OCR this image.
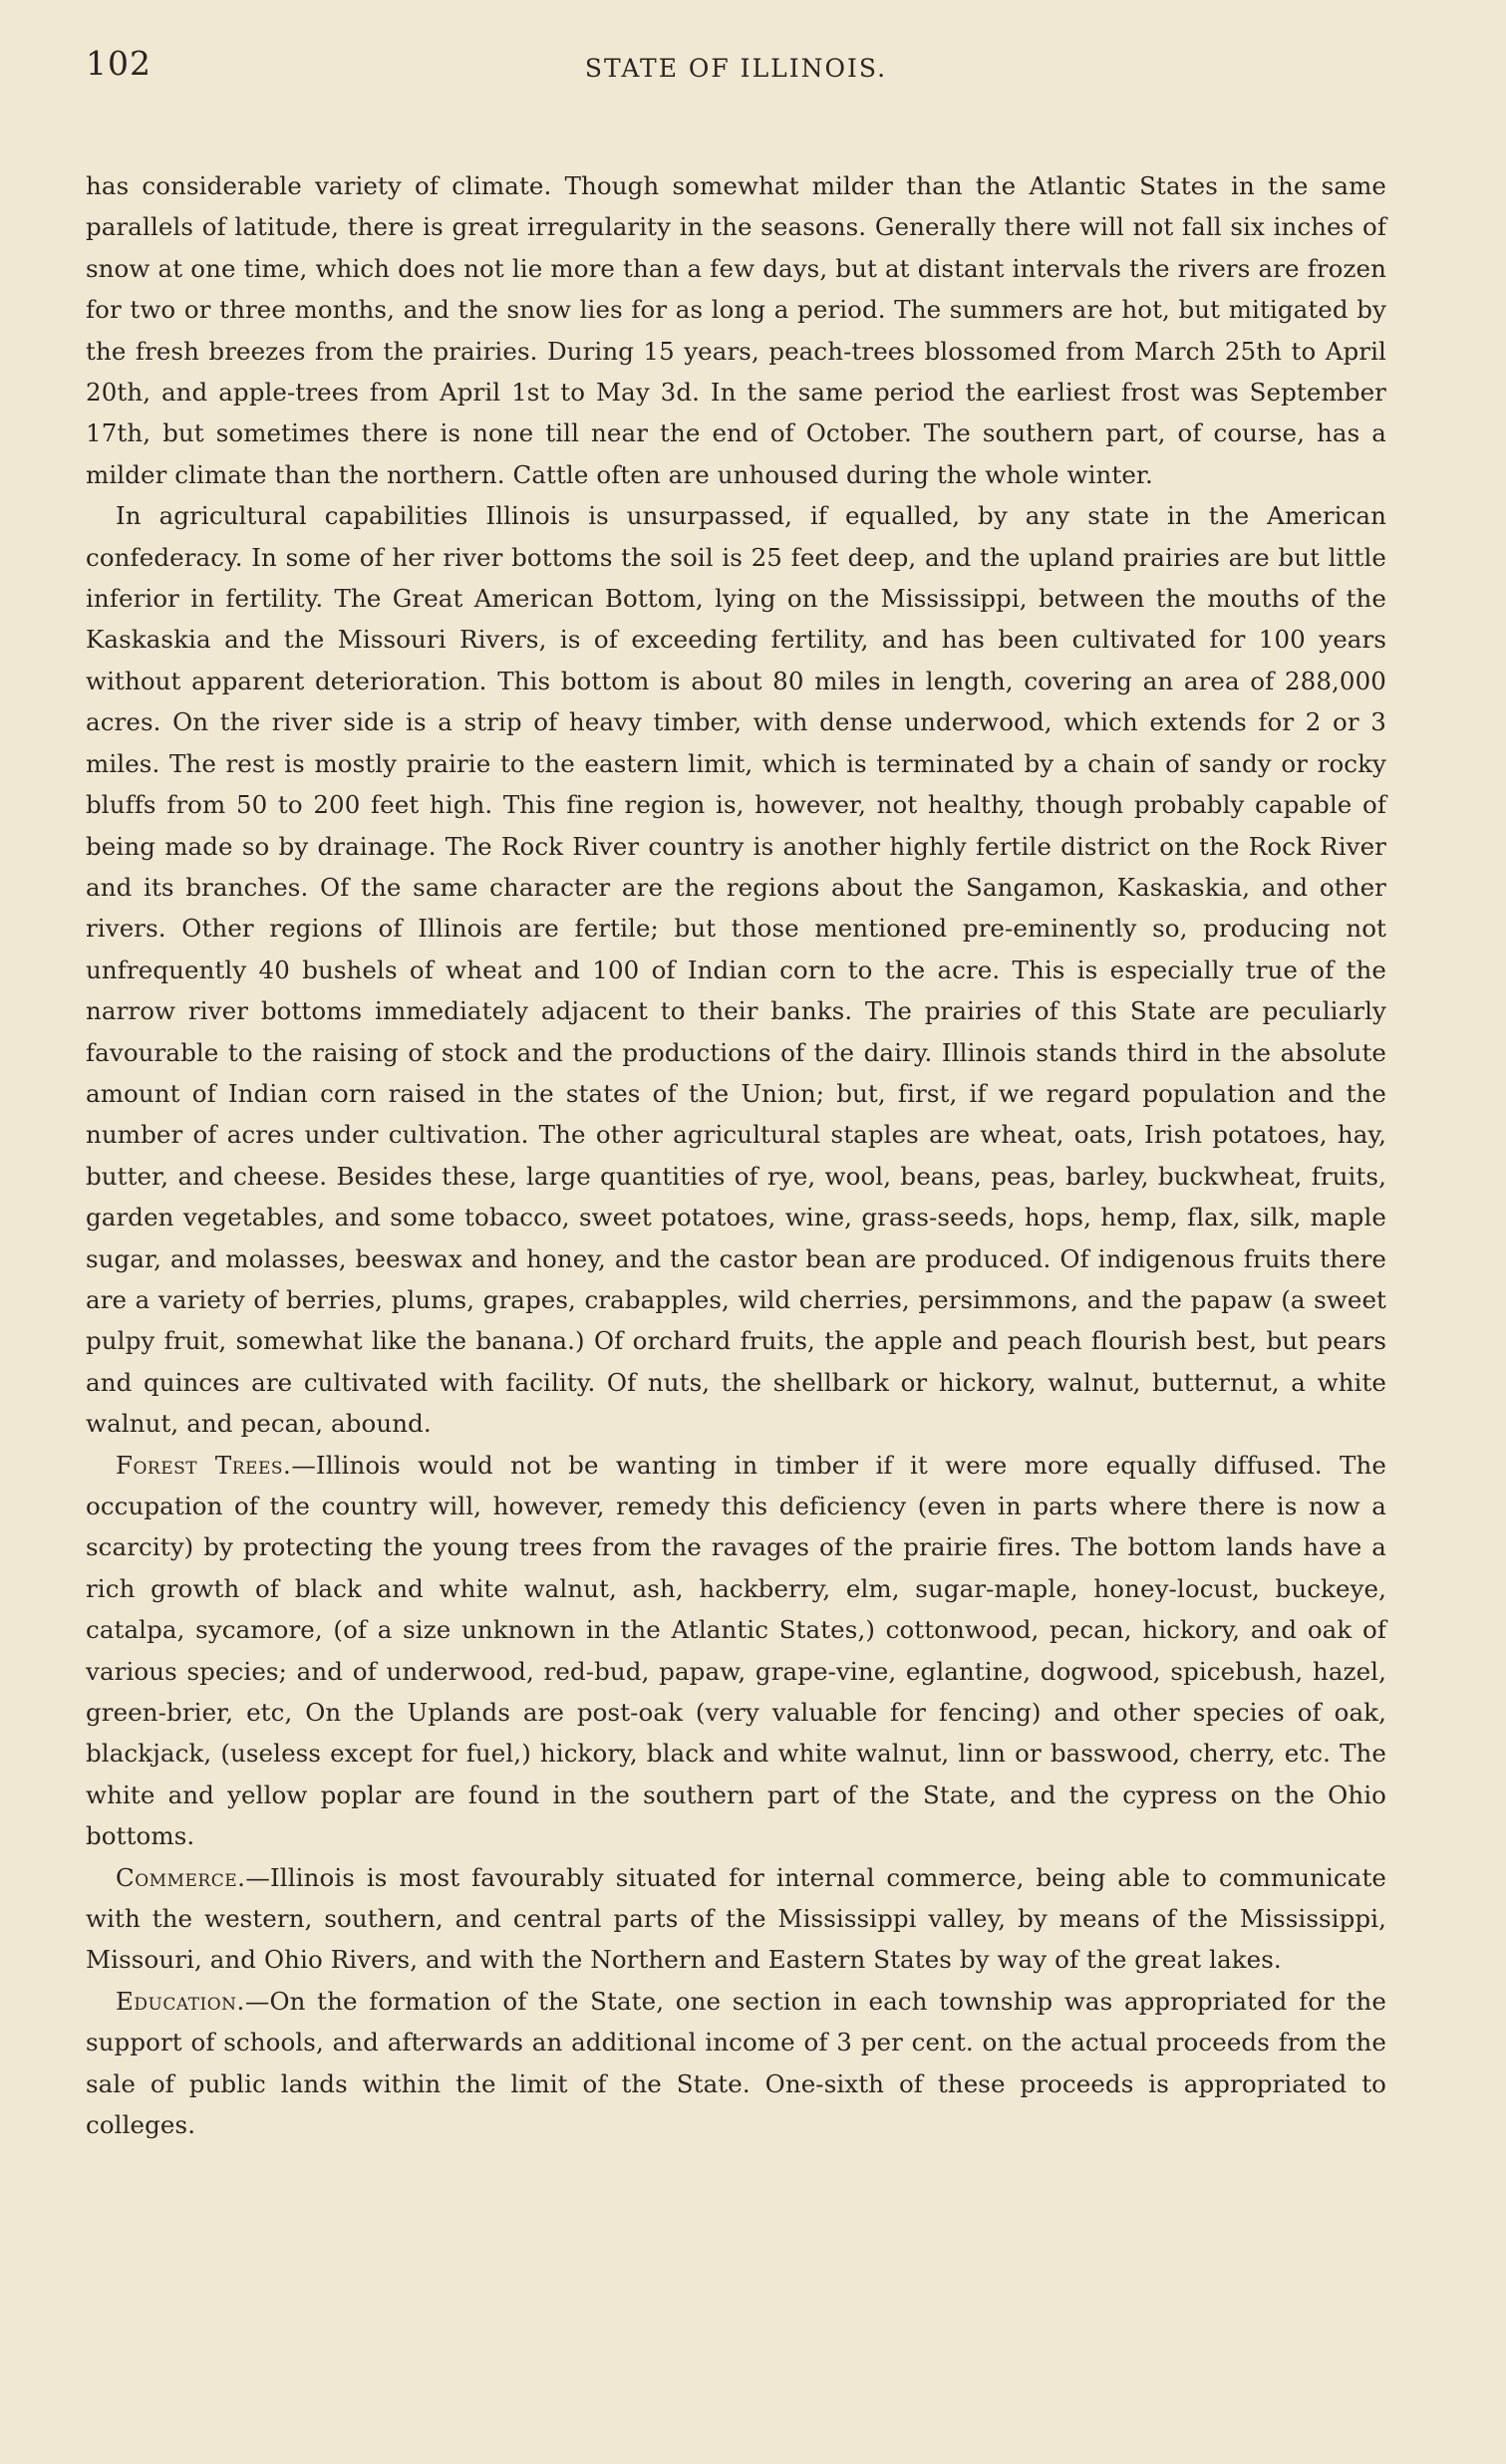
102	STATE OF ILLINOIS.

has considerable variety of climate. Though somewhat milder than the Atlantic States in the same parallels of latitude, there is great irregularity in the seasons. Generally there will not fall six inches of snow at one time, which does not lie more than a few days, but at distant intervals the rivers are frozen for two or three months, and the snow lies for as long a period. The summers are hot, but mitigated by the fresh breezes from the prairies. During 15 years, peach-trees blossomed from March 25th to April 20th, and apple-trees from April 1st to May 3d. In the same period the earliest frost was September 17th, but sometimes there is none till near the end of October. The southern part, of course, has a milder climate than the northern. Cattle often are unhoused during the whole winter.

In agricultural capabilities Illinois is unsurpassed, if equalled, by any state in the American confederacy. In some of her river bottoms the soil is 25 feet deep, and the upland prairies are but little inferior in fertility. The Great American Bottom, lying on the Mississippi, between the mouths of the Kaskaskia and the Missouri Rivers, is of exceeding fertility, and has been cultivated for 100 years without apparent deterioration. This bottom is about 80 miles in length, covering an area of 288,000 acres. On the river side is a strip of heavy timber, with dense underwood, which extends for 2 or 3 miles. The rest is mostly prairie to the eastern limit, which is terminated by a chain of sandy or rocky bluffs from 50 to 200 feet high. This fine region is, however, not healthy, though probably capable of being made so by drainage. The Rock River country is another highly fertile district on the Rock River and its branches. Of the same character are the regions about the Sangamon, Kaskaskia, and other rivers. Other regions of Illinois are fertile; but those mentioned pre-eminently so, producing not unfrequently 40 bushels of wheat and 100 of Indian corn to the acre. This is especially true of the narrow river bottoms immediately adjacent to their banks. The prairies of this State are peculiarly favourable to the raising of stock and the productions of the dairy. Illinois stands third in the absolute amount of Indian corn raised in the states of the Union; but, first, if we regard population and the number of acres under cultivation. The other agricultural staples are wheat, oats, Irish potatoes, hay, butter, and cheese. Besides these, large quantities of rye, wool, beans, peas, barley, buckwheat, fruits, garden vegetables, and some tobacco, sweet potatoes, wine, grass-seeds, hops, hemp, flax, silk, maple sugar, and molasses, beeswax and honey, and the castor bean are produced. Of indigenous fruits there are a variety of berries, plums, grapes, crabapples, wild cherries, persimmons, and the papaw (a sweet pulpy fruit, somewhat like the banana.) Of orchard fruits, the apple and peach flourish best, but pears and quinces are cultivated with facility. Of nuts, the shellbark or hickory, walnut, butternut, a white walnut, and pecan, abound.

Forest Trees.—Illinois would not be wanting in timber if it were more equally diffused. The occupation of the country will, however, remedy this deficiency (even in parts where there is now a scarcity) by protecting the young trees from the ravages of the prairie fires. The bottom lands have a rich growth of black and white walnut, ash, hackberry, elm, sugar-maple, honey-locust, buckeye, catalpa, sycamore, (of a size unknown in the Atlantic States,) cottonwood, pecan, hickory, and oak of various species; and of underwood, red-bud, papaw, grape-vine, eglantine, dogwood, spicebush, hazel, green-brier, etc, On the Uplands are post-oak (very valuable for fencing) and other species of oak, blackjack, (useless except for fuel,) hickory, black and white walnut, linn or basswood, cherry, etc. The white and yellow poplar are found in the southern part of the State, and the cypress on the Ohio bottoms.

Commerce.—Illinois is most favourably situated for internal commerce, being able to communicate with the western, southern, and central parts of the Mississippi valley, by means of the Mississippi, Missouri, and Ohio Rivers, and with the Northern and Eastern States by way of the great lakes.

Education.—On the formation of the State, one section in each township was appropriated for the support of schools, and afterwards an additional income of 3 per cent. on the actual proceeds from the sale of public lands within the limit of the State. One-sixth of these proceeds is appropriated to colleges.
